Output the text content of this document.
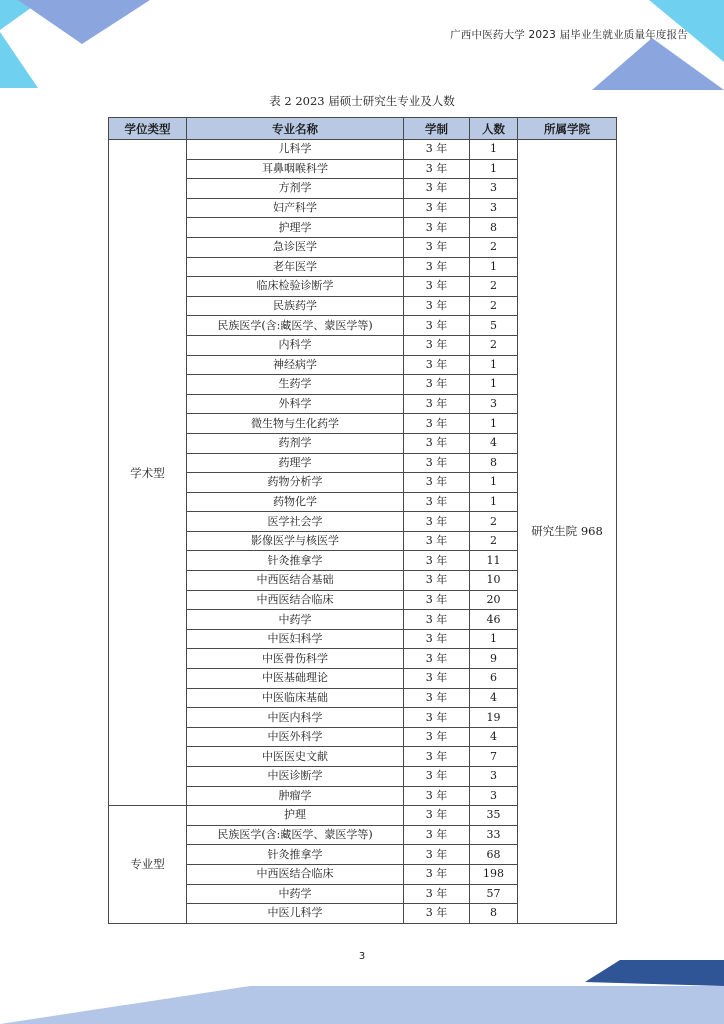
广西中医药大学 2023 届毕业生就业质量年度报告
表 2 2023 届硕士研究生专业及人数
学位类型	专业名称	学制	人数	所属学院
学术型	儿科学	3 年	1	研究生院 968
	耳鼻咽喉科学	3 年	1	
	方剂学	3 年	3	
	妇产科学	3 年	3	
	护理学	3 年	8	
	急诊医学	3 年	2	
	老年医学	3 年	1	
	临床检验诊断学	3 年	2	
	民族药学	3 年	2	
	民族医学(含:藏医学、蒙医学等)	3 年	5	
	内科学	3 年	2	
	神经病学	3 年	1	
	生药学	3 年	1	
	外科学	3 年	3	
	微生物与生化药学	3 年	1	
	药剂学	3 年	4	
	药理学	3 年	8	
	药物分析学	3 年	1	
	药物化学	3 年	1	
	医学社会学	3 年	2	
	影像医学与核医学	3 年	2	
	针灸推拿学	3 年	11	
	中西医结合基础	3 年	10	
	中西医结合临床	3 年	20	
	中药学	3 年	46	
	中医妇科学	3 年	1	
	中医骨伤科学	3 年	9	
	中医基础理论	3 年	6	
	中医临床基础	3 年	4	
	中医内科学	3 年	19	
	中医外科学	3 年	4	
	中医医史文献	3 年	7	
	中医诊断学	3 年	3	
	肿瘤学	3 年	3	
专业型	护理	3 年	35	
	民族医学(含:藏医学、蒙医学等)	3 年	33	
	针灸推拿学	3 年	68	
	中西医结合临床	3 年	198	
	中药学	3 年	57	
	中医儿科学	3 年	8	
3
